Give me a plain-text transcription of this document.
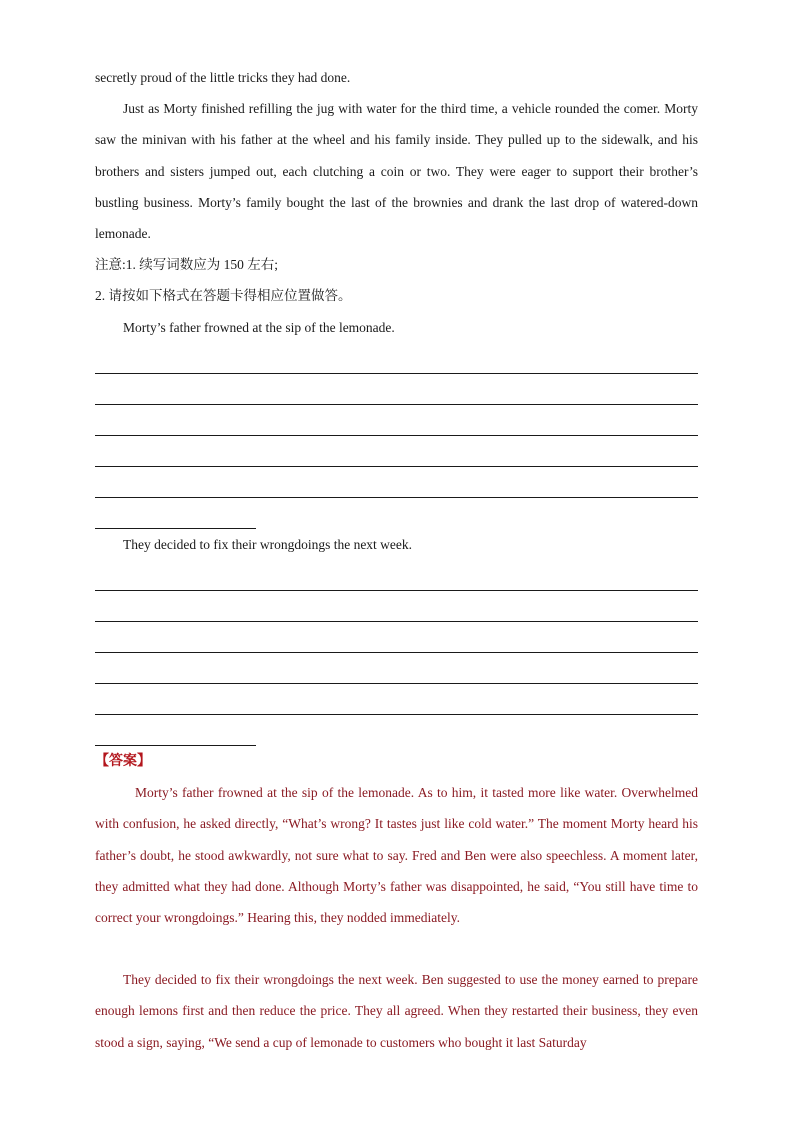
secretly proud of the little tricks they had done.

Just as Morty finished refilling the jug with water for the third time, a vehicle rounded the comer. Morty saw the minivan with his father at the wheel and his family inside. They pulled up to the sidewalk, and his brothers and sisters jumped out, each clutching a coin or two. They were eager to support their brother’s bustling business. Morty’s family bought the last of the brownies and drank the last drop of watered-down lemonade.

注意:1. 续写词数应为 150 左右;

2. 请按如下格式在答题卡得相应位置做答。

Morty’s father frowned at the sip of the lemonade.

They decided to fix their wrongdoings the next week.

【答案】

Morty’s father frowned at the sip of the lemonade. As to him, it tasted more like water. Overwhelmed with confusion, he asked directly, “What’s wrong? It tastes just like cold water.” The moment Morty heard his father’s doubt, he stood awkwardly, not sure what to say. Fred and Ben were also speechless. A moment later, they admitted what they had done. Although Morty’s father was disappointed, he said, “You still have time to correct your wrongdoings.” Hearing this, they nodded immediately.

They decided to fix their wrongdoings the next week. Ben suggested to use the money earned to prepare enough lemons first and then reduce the price. They all agreed. When they restarted their business, they even stood a sign, saying, “We send a cup of lemonade to customers who bought it last Saturday
